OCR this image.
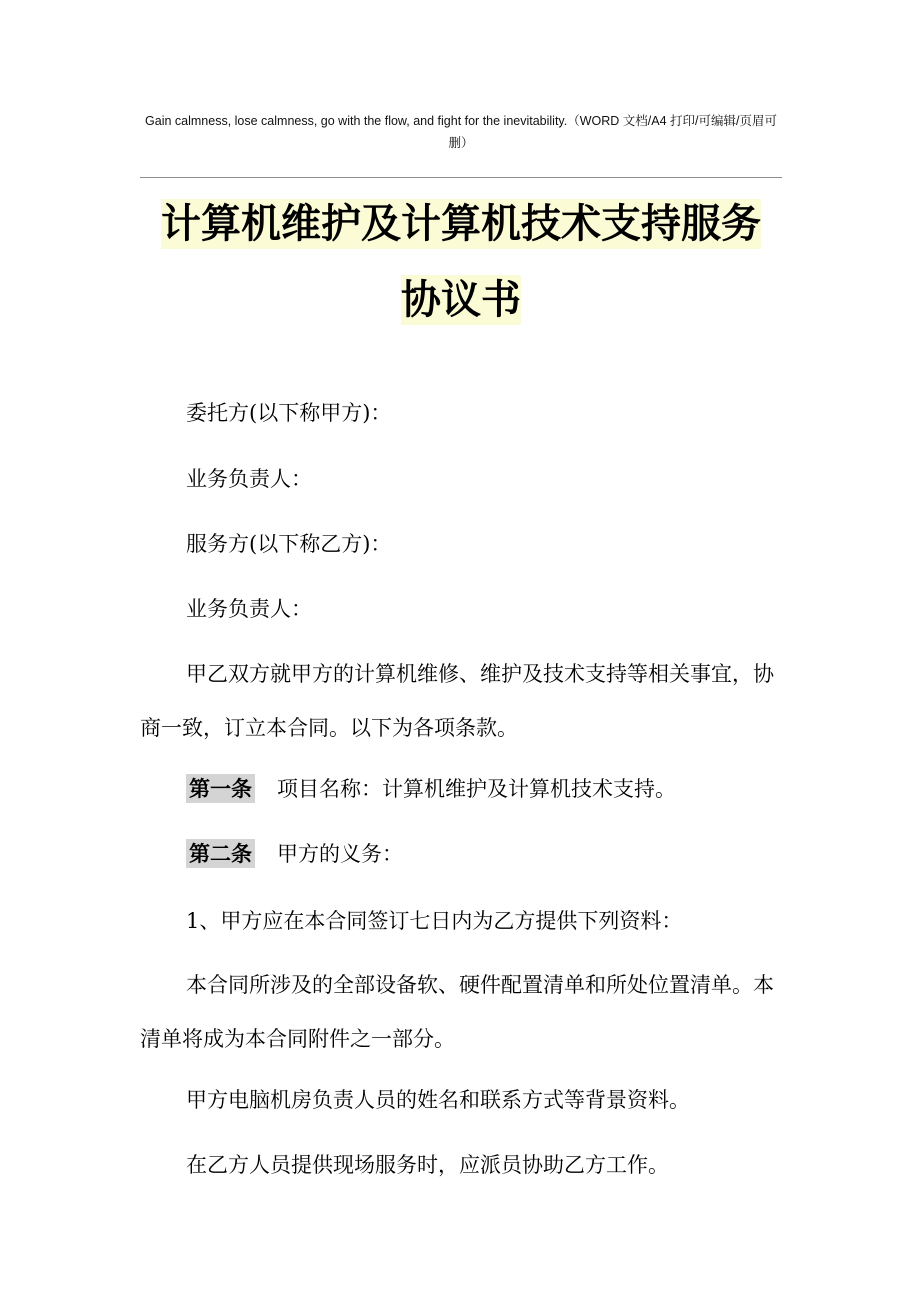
Gain calmness, lose calmness, go with the flow, and fight for the inevitability.（WORD 文档/A4 打印/可编辑/页眉可删）
计算机维护及计算机技术支持服务
协议书

委托方(以下称甲方)：

业务负责人：

服务方(以下称乙方)：

业务负责人：

甲乙双方就甲方的计算机维修、维护及技术支持等相关事宜，协商一致，订立本合同。以下为各项条款。

第一条 项目名称：计算机维护及计算机技术支持。

第二条 甲方的义务：

1、甲方应在本合同签订七日内为乙方提供下列资料：

本合同所涉及的全部设备软、硬件配置清单和所处位置清单。本清单将成为本合同附件之一部分。

甲方电脑机房负责人员的姓名和联系方式等背景资料。

在乙方人员提供现场服务时，应派员协助乙方工作。
